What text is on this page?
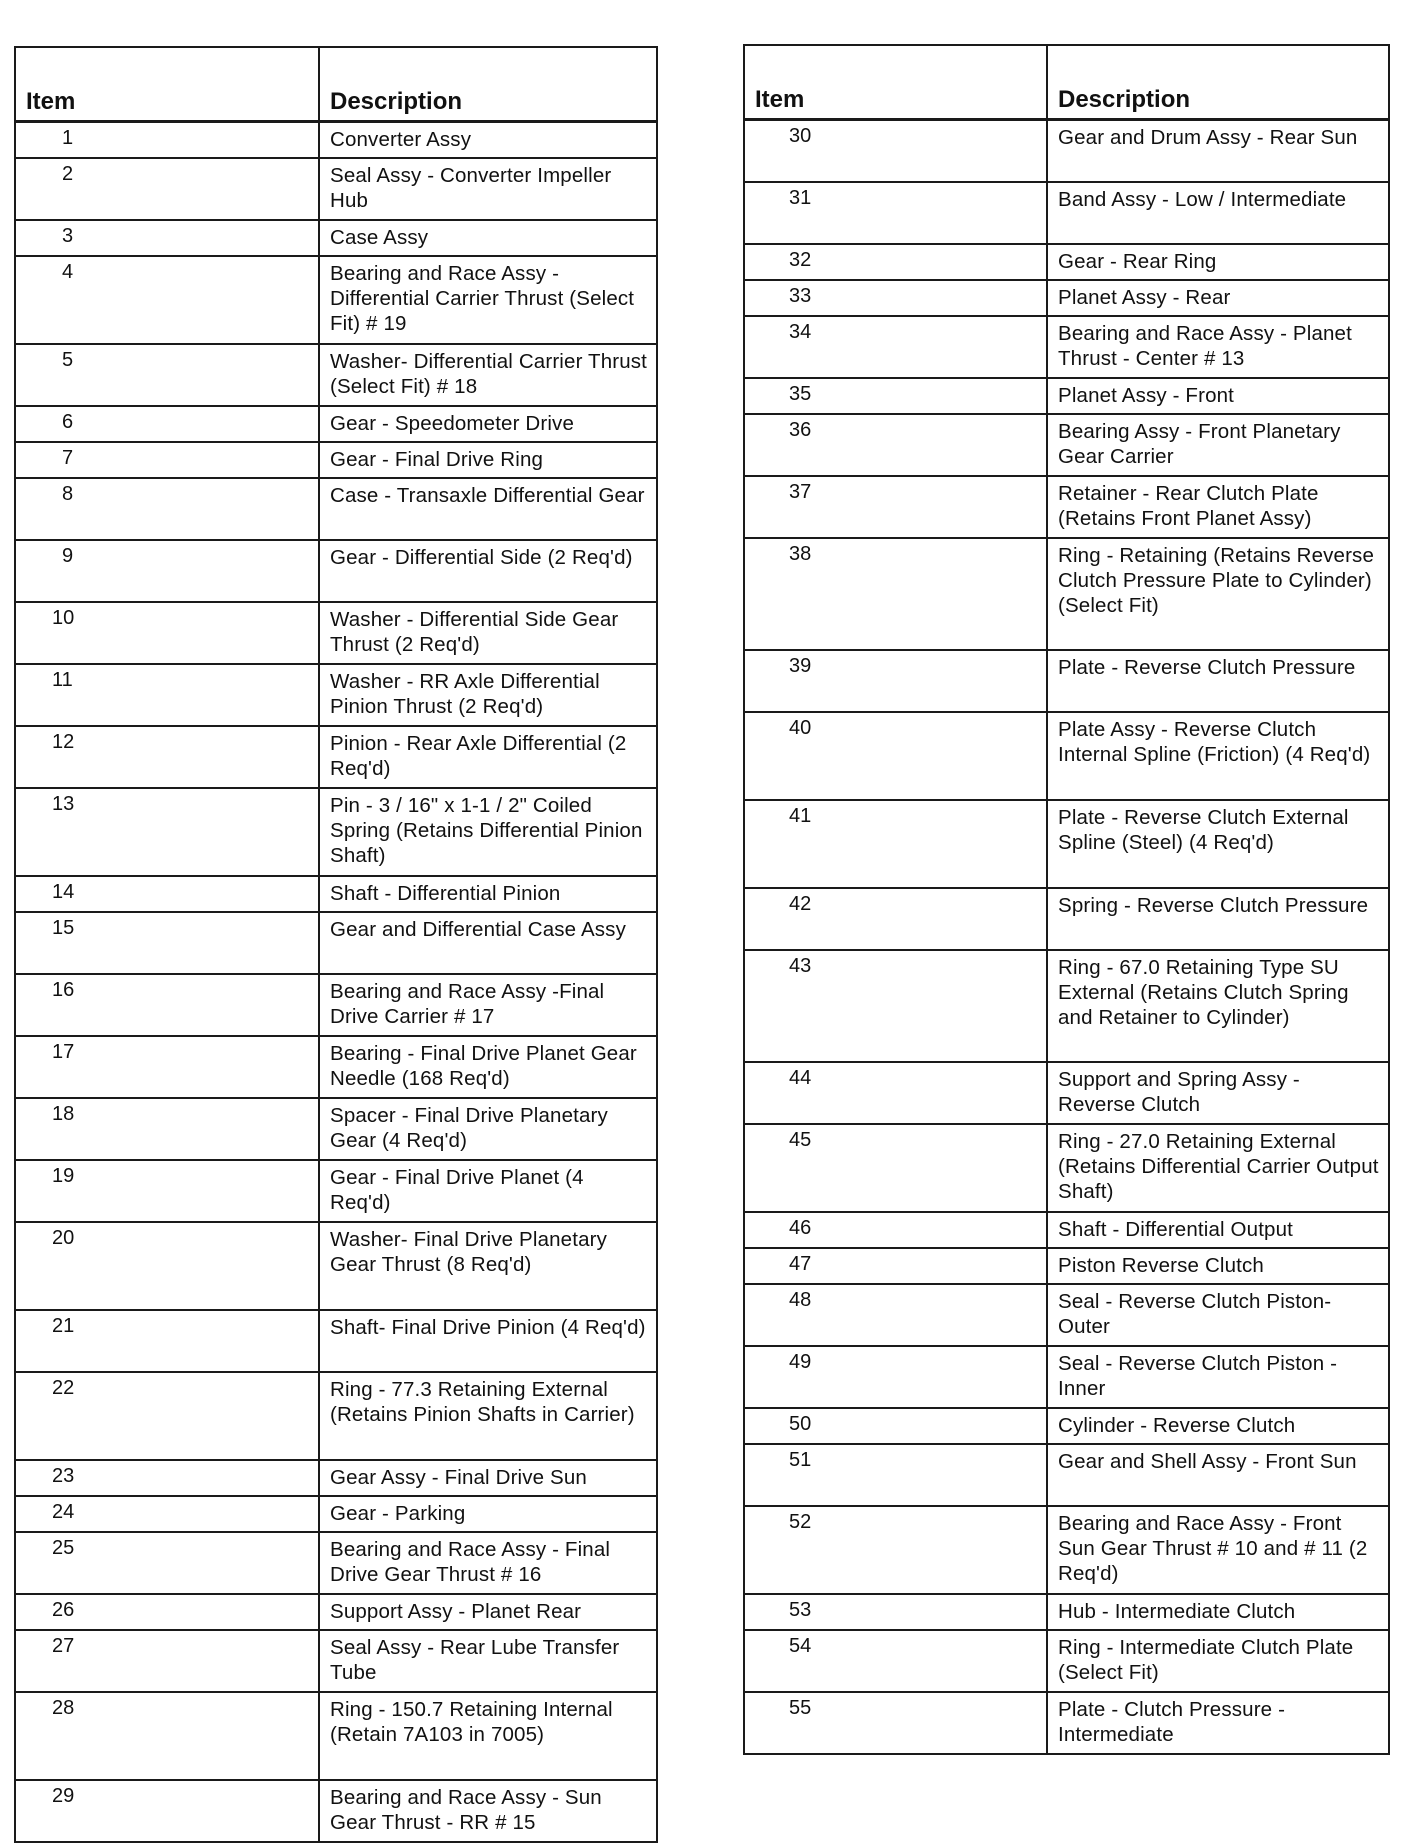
Item	Description
1	Converter Assy
2	Seal Assy - Converter Impeller Hub
3	Case Assy
4	Bearing and Race Assy - Differential Carrier Thrust (Select Fit) # 19
5	Washer- Differential Carrier Thrust (Select Fit) # 18
6	Gear - Speedometer Drive
7	Gear - Final Drive Ring
8	Case - Transaxle Differential Gear
9	Gear - Differential Side (2 Req'd)
10	Washer - Differential Side Gear Thrust (2 Req'd)
11	Washer - RR Axle Differential Pinion Thrust (2 Req'd)
12	Pinion - Rear Axle Differential (2 Req'd)
13	Pin - 3 / 16" x 1-1 / 2" Coiled Spring (Retains Differential Pinion Shaft)
14	Shaft - Differential Pinion
15	Gear and Differential Case Assy
16	Bearing and Race Assy -Final Drive Carrier # 17
17	Bearing - Final Drive Planet Gear Needle (168 Req'd)
18	Spacer - Final Drive Planetary Gear (4 Req'd)
19	Gear - Final Drive Planet (4 Req'd)
20	Washer- Final Drive Planetary Gear Thrust (8 Req'd)
21	Shaft- Final Drive Pinion (4 Req'd)
22	Ring - 77.3 Retaining External (Retains Pinion Shafts in Carrier)
23	Gear Assy - Final Drive Sun
24	Gear - Parking
25	Bearing and Race Assy - Final Drive Gear Thrust # 16
26	Support Assy - Planet Rear
27	Seal Assy - Rear Lube Transfer Tube
28	Ring - 150.7 Retaining Internal (Retain 7A103 in 7005)
29	Bearing and Race Assy - Sun Gear Thrust - RR # 15
Item	Description
30	Gear and Drum Assy - Rear Sun
31	Band Assy - Low / Intermediate
32	Gear - Rear Ring
33	Planet Assy - Rear
34	Bearing and Race Assy - Planet Thrust - Center # 13
35	Planet Assy - Front
36	Bearing Assy - Front Planetary Gear Carrier
37	Retainer - Rear Clutch Plate (Retains Front Planet Assy)
38	Ring - Retaining (Retains Reverse Clutch Pressure Plate to Cylinder) (Select Fit)
39	Plate - Reverse Clutch Pressure
40	Plate Assy - Reverse Clutch Internal Spline (Friction) (4 Req'd)
41	Plate - Reverse Clutch External Spline (Steel) (4 Req'd)
42	Spring - Reverse Clutch Pressure
43	Ring - 67.0 Retaining Type SU External (Retains Clutch Spring and Retainer to Cylinder)
44	Support and Spring Assy - Reverse Clutch
45	Ring - 27.0 Retaining External (Retains Differential Carrier Output Shaft)
46	Shaft - Differential Output
47	Piston Reverse Clutch
48	Seal - Reverse Clutch Piston- Outer
49	Seal - Reverse Clutch Piston - Inner
50	Cylinder - Reverse Clutch
51	Gear and Shell Assy - Front Sun
52	Bearing and Race Assy - Front Sun Gear Thrust # 10 and # 11 (2 Req'd)
53	Hub - Intermediate Clutch
54	Ring - Intermediate Clutch Plate (Select Fit)
55	Plate - Clutch Pressure - Intermediate
